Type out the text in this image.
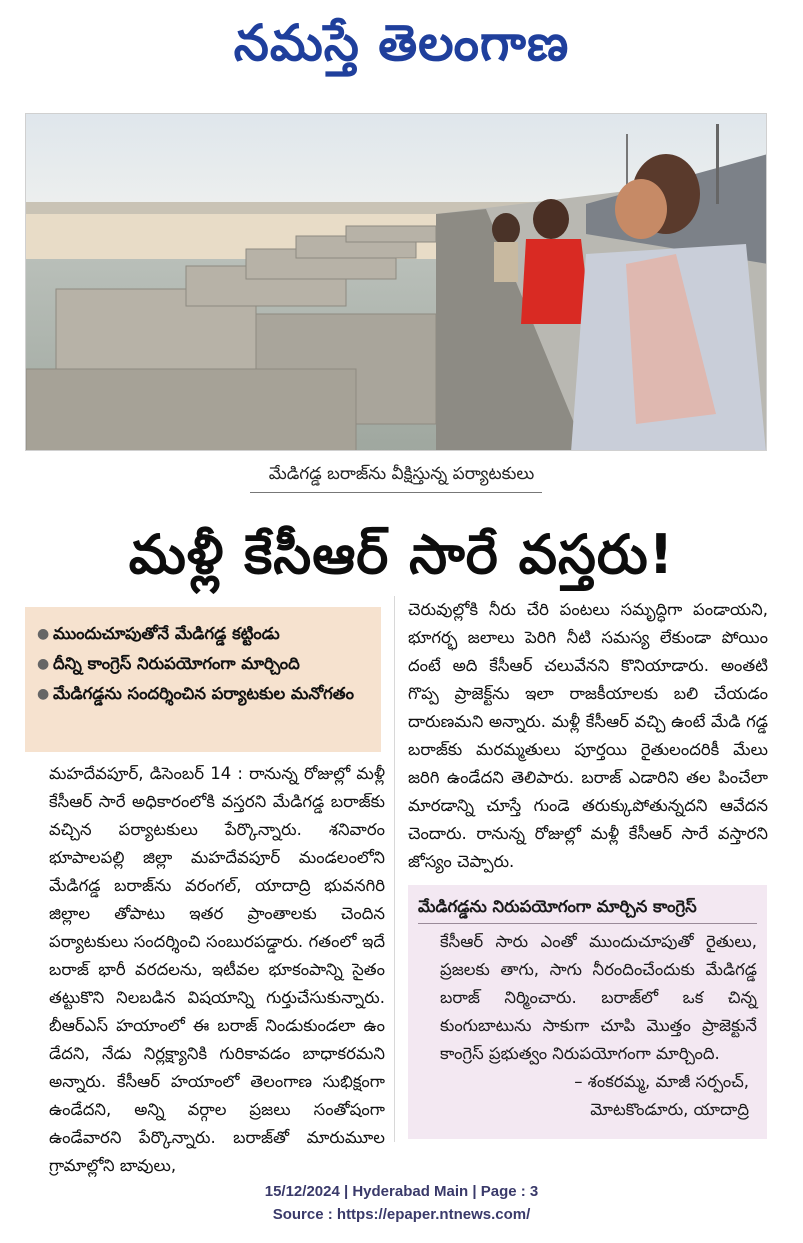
నమస్తే తెలంగాణ
మేడిగడ్డ బరాజ్‌ను వీక్షిస్తున్న పర్యాటకులు
మళ్లీ కేసీఆర్‌ సారే వస్తరు!
● ముందుచూపుతోనే మేడిగడ్డ కట్టిండు
● దీన్ని కాంగ్రెస్‌ నిరుపయోగంగా మార్చింది
● మేడిగడ్డను సందర్శించిన పర్యాటకుల మనోగతం

మహదేవపూర్‌, డిసెంబర్‌ 14 : రానున్న రోజుల్లో మళ్లీ కేసీఆర్‌ సారే అధికారంలోకి వస్తరని మేడిగడ్డ బరాజ్‌కు వచ్చిన పర్యాటకులు పేర్కొన్నారు. శనివారం భూపాలపల్లి జిల్లా మహదేవపూర్‌ మండలంలోని మేడిగడ్డ బరాజ్‌ను వరంగల్‌, యాదాద్రి భువనగిరి జిల్లాల తోపాటు ఇతర ప్రాంతాలకు చెందిన పర్యాటకులు సందర్శించి సంబురపడ్డారు. గతంలో ఇదే బరాజ్‌ భారీ వరదలను, ఇటీవల భూకంపాన్ని సైతం తట్టుకొని నిలబడిన విషయాన్ని గుర్తుచేసుకున్నారు. బీఆర్‌ఎస్‌ హయాంలో ఈ బరాజ్‌ నిండుకుండలా ఉం డేదని, నేడు నిర్లక్ష్యానికి గురికావడం బాధాకరమని అన్నారు. కేసీఆర్‌ హయాంలో తెలంగాణ సుభిక్షంగా ఉండేదని, అన్ని వర్గాల ప్రజలు సంతోషంగా ఉండేవారని పేర్కొన్నారు. బరాజ్‌తో మారుమూల గ్రామాల్లోని బావులు,

చెరువుల్లోకి నీరు చేరి పంటలు సమృద్ధిగా పండాయని, భూగర్భ జలాలు పెరిగి నీటి సమస్య లేకుండా పోయిం దంటే అది కేసీఆర్‌ చలువేనని కొనియాడారు. అంతటి గొప్ప ప్రాజెక్ట్‌ను ఇలా రాజకీయాలకు బలి చేయడం దారుణమని అన్నారు. మళ్లీ కేసీఆర్‌ వచ్చి ఉంటే మేడి గడ్డ బరాజ్‌కు మరమ్మతులు పూర్తయి రైతులందరికీ మేలు జరిగి ఉండేదని తెలిపారు. బరాజ్‌ ఎడారిని తల పించేలా మారడాన్ని చూస్తే గుండె తరుక్కుపోతున్నదని ఆవేదన చెందారు. రానున్న రోజుల్లో మళ్లీ కేసీఆర్‌ సారే వస్తారని జోస్యం చెప్పారు.

మేడిగడ్డను నిరుపయోగంగా మార్చిన కాంగ్రెస్‌

కేసీఆర్‌ సారు ఎంతో ముందుచూపుతో రైతులు, ప్రజలకు తాగు, సాగు నీరందించేందుకు మేడిగడ్డ బరాజ్‌ నిర్మించారు. బరాజ్‌లో ఒక చిన్న కుంగుబాటును సాకుగా చూపి మొత్తం ప్రాజెక్టునే కాంగ్రెస్‌ ప్రభుత్వం నిరుపయోగంగా మార్చింది.

– శంకరమ్మ, మాజీ సర్పంచ్‌,
మోటకొండూరు, యాదాద్రి
15/12/2024 | Hyderabad Main | Page : 3
Source : https://epaper.ntnews.com/
